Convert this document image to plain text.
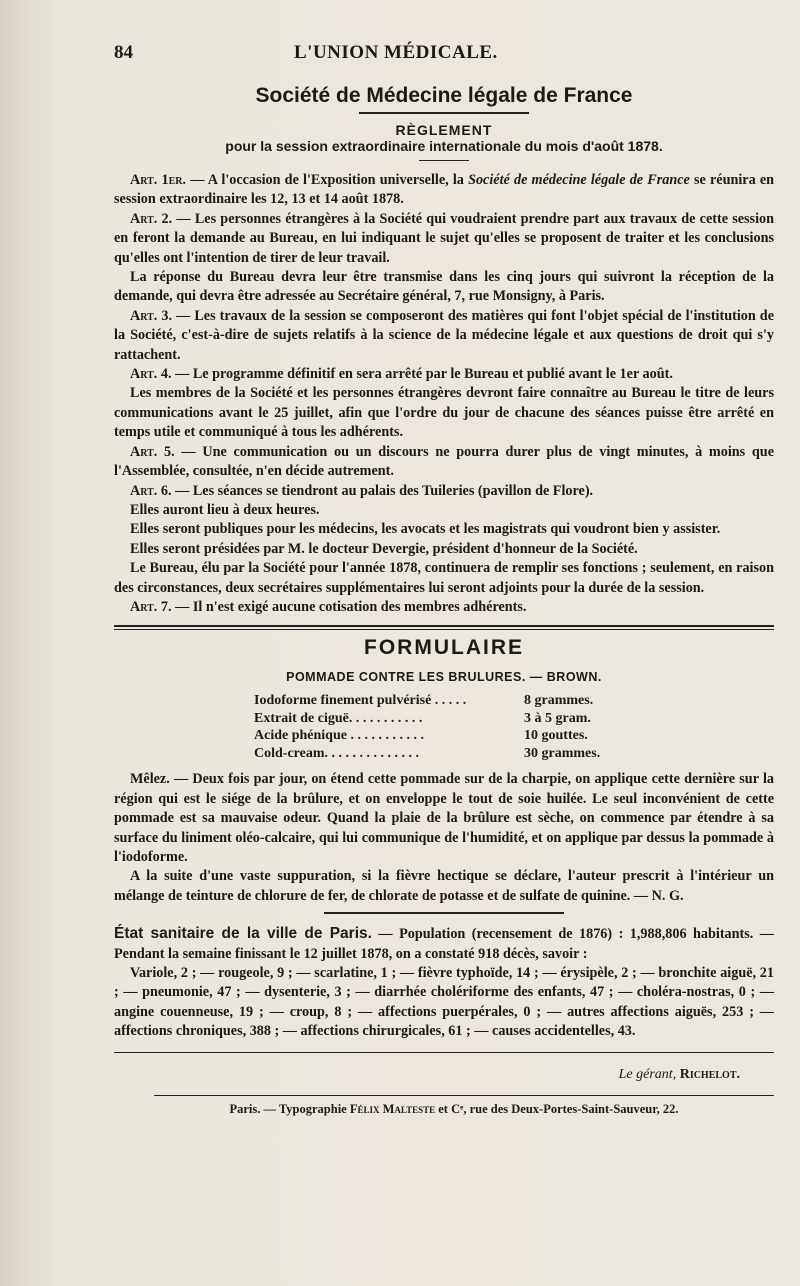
84	L'UNION MÉDICALE.
Société de Médecine légale de France
RÈGLEMENT
pour la session extraordinaire internationale du mois d'août 1878.

Art. 1er. — A l'occasion de l'Exposition universelle, la Société de médecine légale de France se réunira en session extraordinaire les 12, 13 et 14 août 1878.

Art. 2. — Les personnes étrangères à la Société qui voudraient prendre part aux travaux de cette session en feront la demande au Bureau, en lui indiquant le sujet qu'elles se proposent de traiter et les conclusions qu'elles ont l'intention de tirer de leur travail.

La réponse du Bureau devra leur être transmise dans les cinq jours qui suivront la réception de la demande, qui devra être adressée au Secrétaire général, 7, rue Monsigny, à Paris.

Art. 3. — Les travaux de la session se composeront des matières qui font l'objet spécial de l'institution de la Société, c'est-à-dire de sujets relatifs à la science de la médecine légale et aux questions de droit qui s'y rattachent.

Art. 4. — Le programme définitif en sera arrêté par le Bureau et publié avant le 1er août.

Les membres de la Société et les personnes étrangères devront faire connaître au Bureau le titre de leurs communications avant le 25 juillet, afin que l'ordre du jour de chacune des séances puisse être arrêté en temps utile et communiqué à tous les adhérents.

Art. 5. — Une communication ou un discours ne pourra durer plus de vingt minutes, à moins que l'Assemblée, consultée, n'en décide autrement.

Art. 6. — Les séances se tiendront au palais des Tuileries (pavillon de Flore).

Elles auront lieu à deux heures.

Elles seront publiques pour les médecins, les avocats et les magistrats qui voudront bien y assister.

Elles seront présidées par M. le docteur Devergie, président d'honneur de la Société.

Le Bureau, élu par la Société pour l'année 1878, continuera de remplir ses fonctions ; seulement, en raison des circonstances, deux secrétaires supplémentaires lui seront adjoints pour la durée de la session.

Art. 7. — Il n'est exigé aucune cotisation des membres adhérents.

FORMULAIRE
POMMADE CONTRE LES BRULURES. — BROWN.
Iodoforme finement pulvérisé . . . . .	8 grammes.
Extrait de ciguë. . . . . . . . . . .	3 à 5 gram.
Acide phénique . . . . . . . . . . .	10 gouttes.
Cold-cream. . . . . . . . . . . . . .	30 grammes.

Mêlez. — Deux fois par jour, on étend cette pommade sur de la charpie, on applique cette dernière sur la région qui est le siége de la brûlure, et on enveloppe le tout de soie huilée. Le seul inconvénient de cette pommade est sa mauvaise odeur. Quand la plaie de la brûlure est sèche, on commence par étendre à sa surface du liniment oléo-calcaire, qui lui communique de l'humidité, et on applique par dessus la pommade à l'iodoforme.

A la suite d'une vaste suppuration, si la fièvre hectique se déclare, l'auteur prescrit à l'intérieur un mélange de teinture de chlorure de fer, de chlorate de potasse et de sulfate de quinine. — N. G.

État sanitaire de la ville de Paris. — Population (recensement de 1876) : 1,988,806 habitants. — Pendant la semaine finissant le 12 juillet 1878, on a constaté 918 décès, savoir :

Variole, 2 ; — rougeole, 9 ; — scarlatine, 1 ; — fièvre typhoïde, 14 ; — érysipèle, 2 ; — bronchite aiguë, 21 ; — pneumonie, 47 ; — dysenterie, 3 ; — diarrhée cholériforme des enfants, 47 ; — choléra-nostras, 0 ; — angine couenneuse, 19 ; — croup, 8 ; — affections puerpérales, 0 ; — autres affections aiguës, 253 ; — affections chroniques, 388 ; — affections chirurgicales, 61 ; — causes accidentelles, 43.

Le gérant, Richelot.
Paris. — Typographie Félix Malteste et Cᵉ, rue des Deux-Portes-Saint-Sauveur, 22.
